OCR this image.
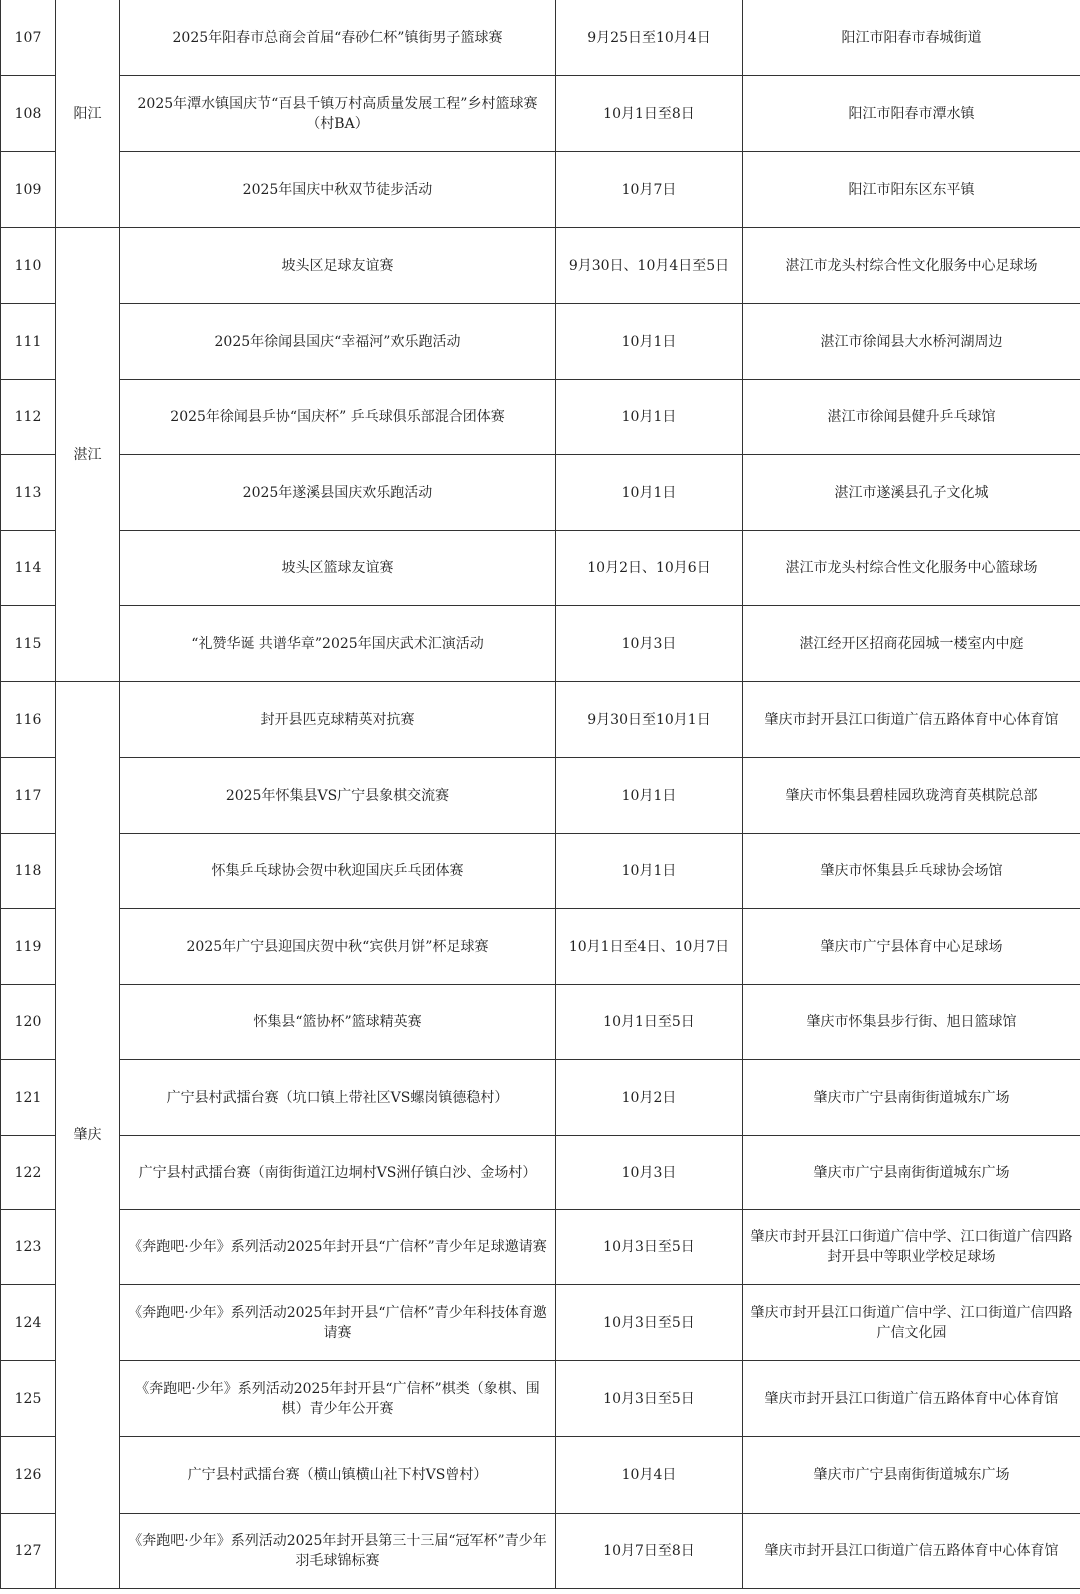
107	阳江	2025年阳春市总商会首届“春砂仁杯”镇街男子篮球赛	9月25日至10月4日	阳江市阳春市春城街道
108		2025年潭水镇国庆节“百县千镇万村高质量发展工程”乡村篮球赛（村BA）	10月1日至8日	阳江市阳春市潭水镇
109		2025年国庆中秋双节徒步活动	10月7日	阳江市阳东区东平镇
110	湛江	坡头区足球友谊赛	9月30日、10月4日至5日	湛江市龙头村综合性文化服务中心足球场
111		2025年徐闻县国庆“幸福河”欢乐跑活动	10月1日	湛江市徐闻县大水桥河湖周边
112		2025年徐闻县乒协“国庆杯” 乒乓球俱乐部混合团体赛	10月1日	湛江市徐闻县健升乒乓球馆
113		2025年遂溪县国庆欢乐跑活动	10月1日	湛江市遂溪县孔子文化城
114		坡头区篮球友谊赛	10月2日、10月6日	湛江市龙头村综合性文化服务中心篮球场
115		“礼赞华诞 共谱华章”2025年国庆武术汇演活动	10月3日	湛江经开区招商花园城一楼室内中庭
116	肇庆	封开县匹克球精英对抗赛	9月30日至10月1日	肇庆市封开县江口街道广信五路体育中心体育馆
117		2025年怀集县VS广宁县象棋交流赛	10月1日	肇庆市怀集县碧桂园玖珑湾育英棋院总部
118		怀集乒乓球协会贺中秋迎国庆乒乓团体赛	10月1日	肇庆市怀集县乒乓球协会场馆
119		2025年广宁县迎国庆贺中秋“宾供月饼”杯足球赛	10月1日至4日、10月7日	肇庆市广宁县体育中心足球场
120		怀集县“篮协杯”篮球精英赛	10月1日至5日	肇庆市怀集县步行街、旭日篮球馆
121		广宁县村武擂台赛（坑口镇上带社区VS螺岗镇德稳村）	10月2日	肇庆市广宁县南街街道城东广场
122		广宁县村武擂台赛（南街街道江边垌村VS洲仔镇白沙、金场村）	10月3日	肇庆市广宁县南街街道城东广场
123		《奔跑吧·少年》系列活动2025年封开县“广信杯”青少年足球邀请赛	10月3日至5日	肇庆市封开县江口街道广信中学、江口街道广信四路封开县中等职业学校足球场
124		《奔跑吧·少年》系列活动2025年封开县“广信杯”青少年科技体育邀请赛	10月3日至5日	肇庆市封开县江口街道广信中学、江口街道广信四路广信文化园
125		《奔跑吧·少年》系列活动2025年封开县“广信杯”棋类（象棋、围棋）青少年公开赛	10月3日至5日	肇庆市封开县江口街道广信五路体育中心体育馆
126		广宁县村武擂台赛（横山镇横山社下村VS曾村）	10月4日	肇庆市广宁县南街街道城东广场
127		《奔跑吧·少年》系列活动2025年封开县第三十三届“冠军杯”青少年羽毛球锦标赛	10月7日至8日	肇庆市封开县江口街道广信五路体育中心体育馆
